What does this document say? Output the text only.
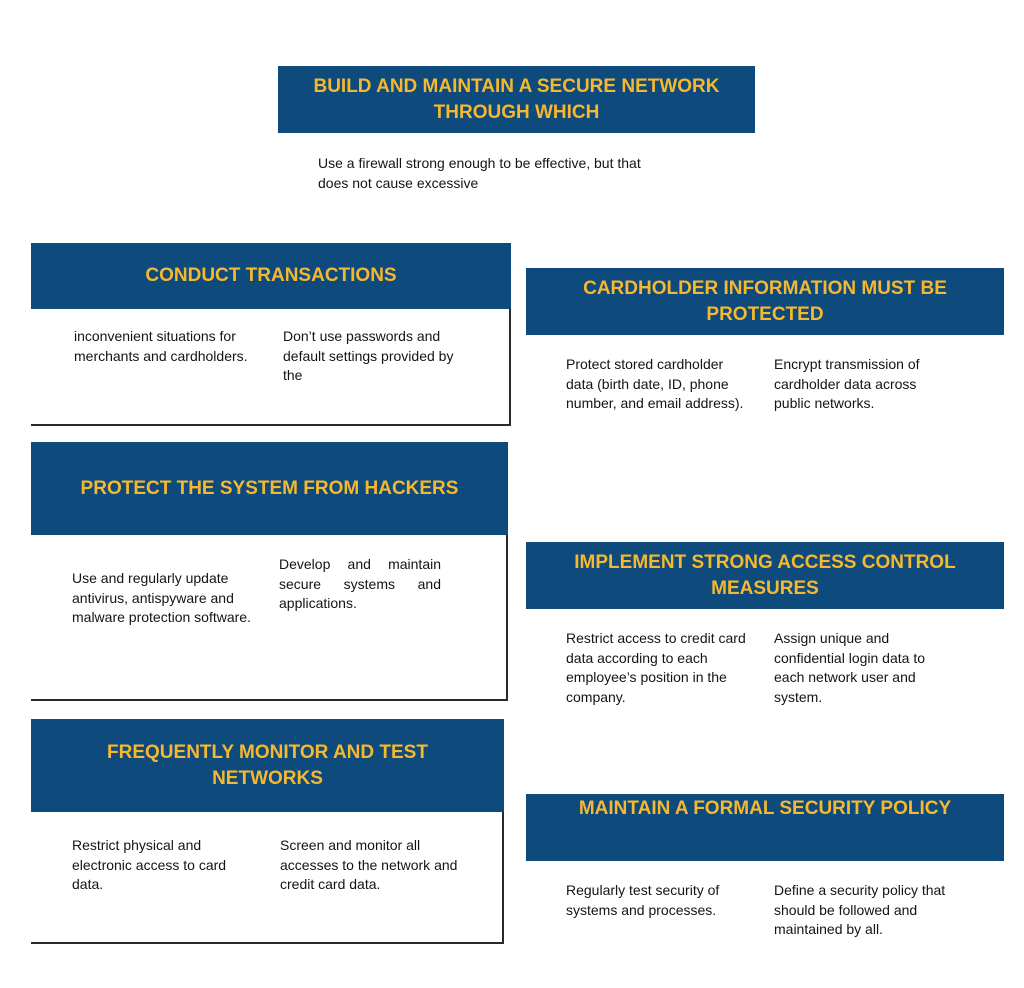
BUILD AND MAINTAIN A SECURE NETWORK THROUGH WHICH
Use a firewall strong enough to be effective, but that does not cause excessive
CONDUCT TRANSACTIONS
inconvenient situations for merchants and cardholders.
Don’t use passwords and default settings provided by the
PROTECT THE SYSTEM FROM HACKERS
Use and regularly update antivirus, antispyware and malware protection software.
Develop and maintain secure systems and applications.
FREQUENTLY MONITOR AND TEST NETWORKS
Restrict physical and electronic access to card data.
Screen and monitor all accesses to the network and credit card data.
CARDHOLDER INFORMATION MUST BE PROTECTED
Protect stored cardholder data (birth date, ID, phone number, and email address).
Encrypt transmission of cardholder data across public networks.
IMPLEMENT STRONG ACCESS CONTROL MEASURES
Restrict access to credit card data according to each employee’s position in the company.
Assign unique and confidential login data to each network user and system.
MAINTAIN A FORMAL SECURITY POLICY
Regularly test security of systems and processes.
Define a security policy that should be followed and maintained by all.
